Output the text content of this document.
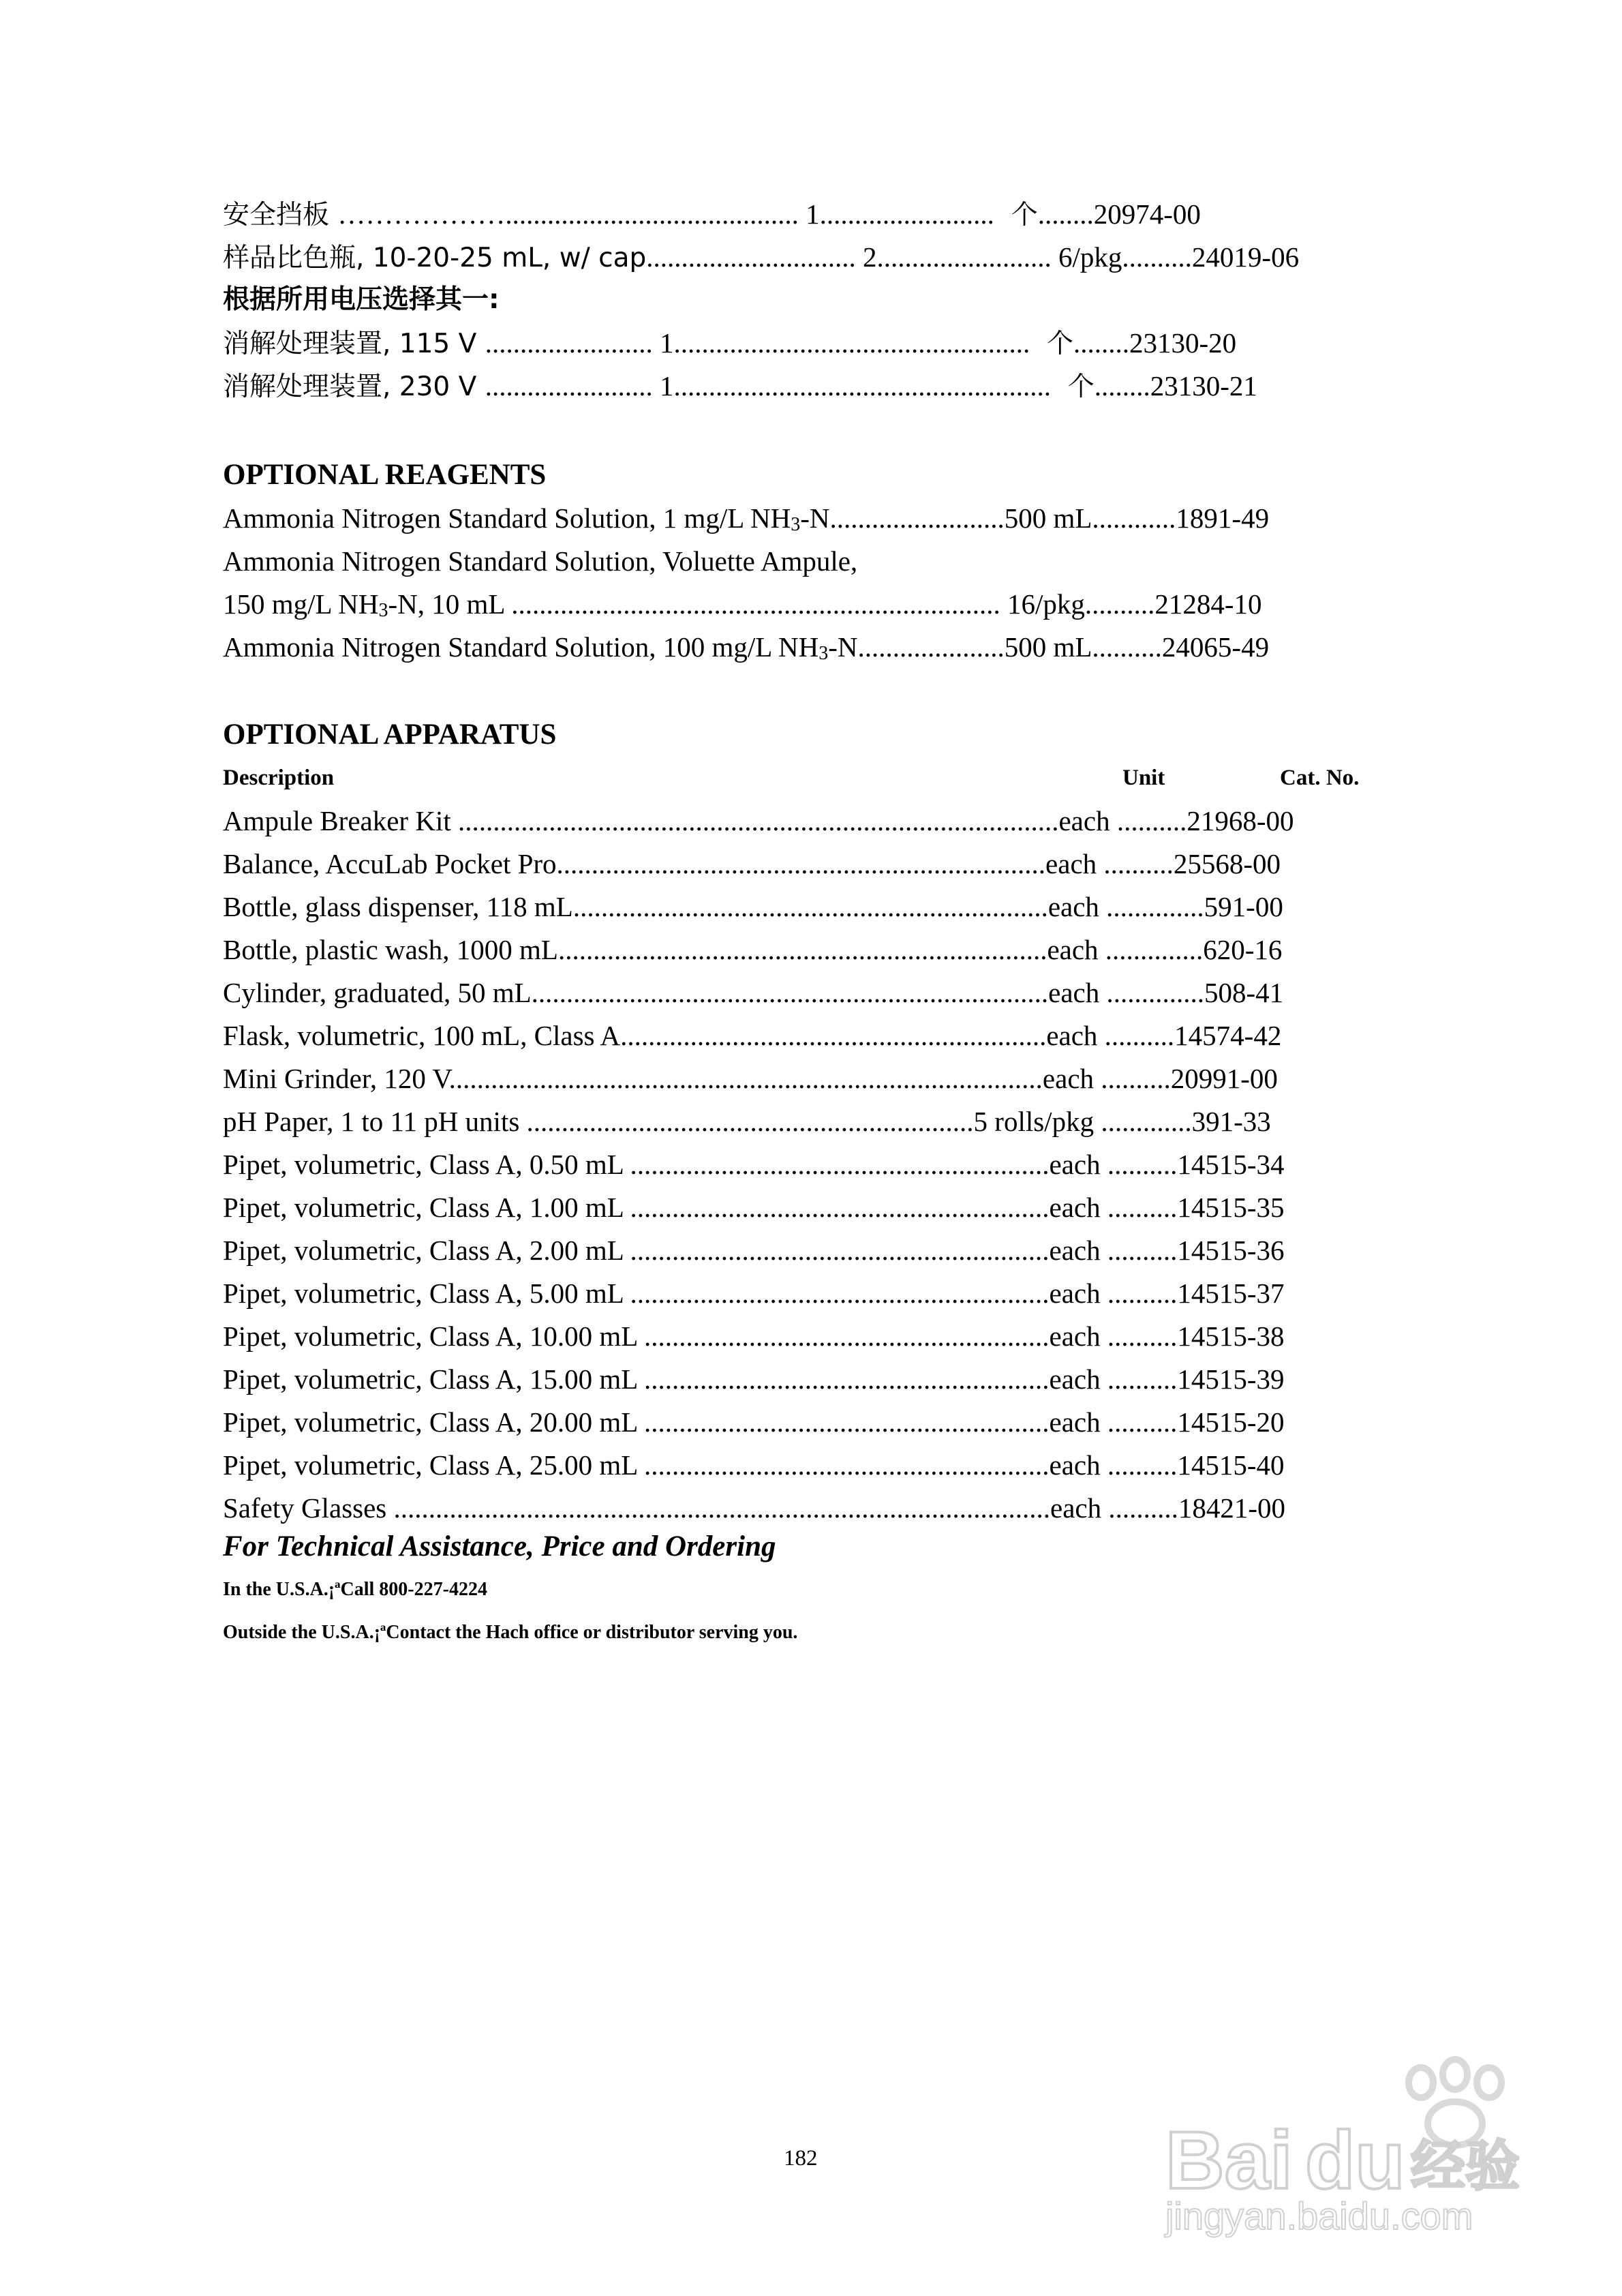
安全挡板 ……………….......................................... 1.........................  个........20974-00

样品比色瓶, 10-20-25 mL, w/ cap.............................. 2......................... 6/pkg..........24019-06

根据所用电压选择其一:

消解处理装置, 115 V ........................ 1...................................................  个........23130-20

消解处理装置, 230 V ........................ 1......................................................  个........23130-21

OPTIONAL REAGENTS

Ammonia Nitrogen Standard Solution, 1 mg/L NH3-N.........................500 mL............1891-49

Ammonia Nitrogen Standard Solution, Voluette Ampule,

150 mg/L NH3-N, 10 mL ...................................................................... 16/pkg..........21284-10

Ammonia Nitrogen Standard Solution, 100 mg/L NH3-N.....................500 mL..........24065-49

OPTIONAL APPARATUS

Description	Unit	Cat. No.

Ampule Breaker Kit ......................................................................................each ..........21968-00

Balance, AccuLab Pocket Pro......................................................................each ..........25568-00

Bottle, glass dispenser, 118 mL....................................................................each ..............591-00

Bottle, plastic wash, 1000 mL......................................................................each ..............620-16

Cylinder, graduated, 50 mL..........................................................................each ..............508-41

Flask, volumetric, 100 mL, Class A.............................................................each ..........14574-42

Mini Grinder, 120 V.....................................................................................each ..........20991-00

pH Paper, 1 to 11 pH units ................................................................5 rolls/pkg .............391-33

Pipet, volumetric, Class A, 0.50 mL ............................................................each ..........14515-34

Pipet, volumetric, Class A, 1.00 mL ............................................................each ..........14515-35

Pipet, volumetric, Class A, 2.00 mL ............................................................each ..........14515-36

Pipet, volumetric, Class A, 5.00 mL ............................................................each ..........14515-37

Pipet, volumetric, Class A, 10.00 mL ..........................................................each ..........14515-38

Pipet, volumetric, Class A, 15.00 mL ..........................................................each ..........14515-39

Pipet, volumetric, Class A, 20.00 mL ..........................................................each ..........14515-20

Pipet, volumetric, Class A, 25.00 mL ..........................................................each ..........14515-40

Safety Glasses ..............................................................................................each ..........18421-00

For Technical Assistance, Price and Ordering

In the U.S.A.¡ªCall 800-227-4224

Outside the U.S.A.¡ªContact the Hach office or distributor serving you.

182	Bai du 经验
jingyan.baidu.com
